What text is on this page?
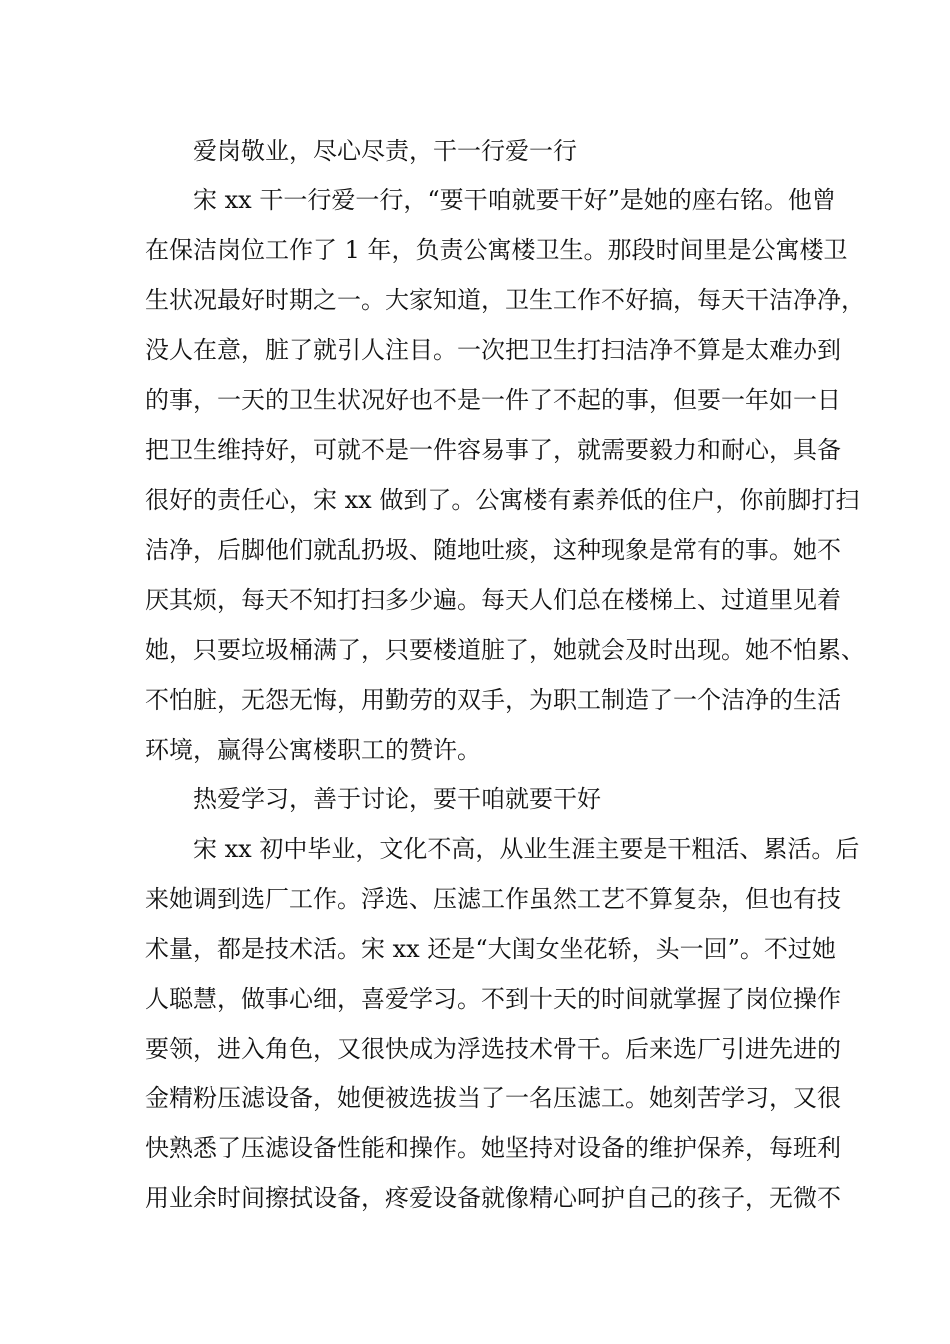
爱岗敬业，尽心尽责，干一行爱一行

宋 xx 干一行爱一行，“要干咱就要干好”是她的座右铭。他曾

在保洁岗位工作了 1 年，负责公寓楼卫生。那段时间里是公寓楼卫

生状况最好时期之一。大家知道，卫生工作不好搞，每天干洁净净，

没人在意，脏了就引人注目。一次把卫生打扫洁净不算是太难办到

的事，一天的卫生状况好也不是一件了不起的事，但要一年如一日

把卫生维持好，可就不是一件容易事了，就需要毅力和耐心，具备

很好的责任心，宋 xx 做到了。公寓楼有素养低的住户，你前脚打扫

洁净，后脚他们就乱扔圾、随地吐痰，这种现象是常有的事。她不

厌其烦，每天不知打扫多少遍。每天人们总在楼梯上、过道里见着

她，只要垃圾桶满了，只要楼道脏了，她就会及时出现。她不怕累、

不怕脏，无怨无悔，用勤劳的双手，为职工制造了一个洁净的生活

环境，赢得公寓楼职工的赞许。

热爱学习，善于讨论，要干咱就要干好

宋 xx 初中毕业，文化不高，从业生涯主要是干粗活、累活。后

来她调到选厂工作。浮选、压滤工作虽然工艺不算复杂，但也有技

术量，都是技术活。宋 xx 还是“大闺女坐花轿，头一回”。不过她

人聪慧，做事心细，喜爱学习。不到十天的时间就掌握了岗位操作

要领，进入角色，又很快成为浮选技术骨干。后来选厂引进先进的

金精粉压滤设备，她便被选拔当了一名压滤工。她刻苦学习，又很

快熟悉了压滤设备性能和操作。她坚持对设备的维护保养，每班利

用业余时间擦拭设备，疼爱设备就像精心呵护自己的孩子，无微不
